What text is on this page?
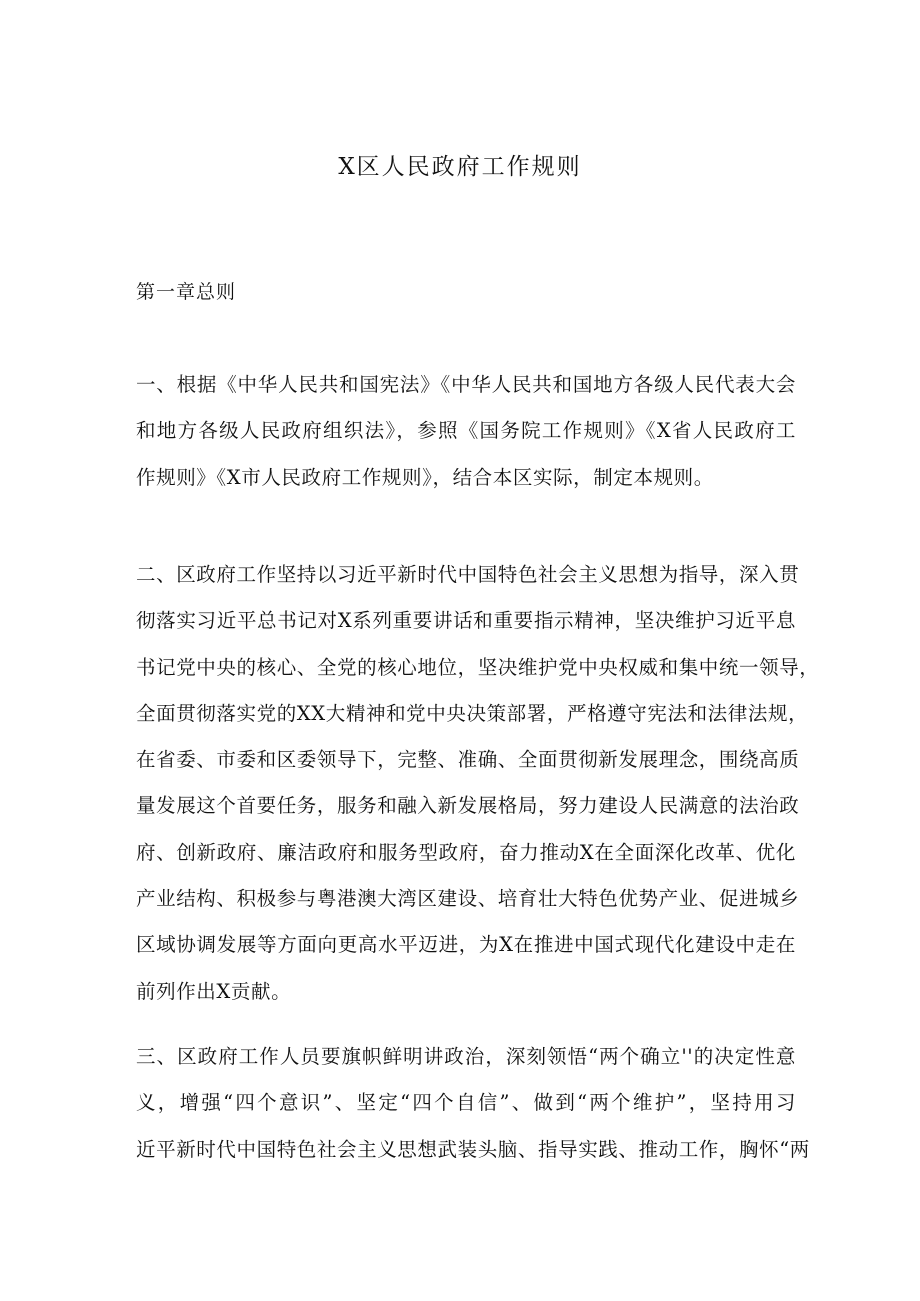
X区人民政府工作规则
第一章总则
一、根据《中华人民共和国宪法》《中华人民共和国地方各级人民代表大会
和地方各级人民政府组织法》，参照《国务院工作规则》《X省人民政府工
作规则》《X市人民政府工作规则》，结合本区实际，制定本规则。
二、区政府工作坚持以习近平新时代中国特色社会主义思想为指导，深入贯
彻落实习近平总书记对X系列重要讲话和重要指示精神，坚决维护习近平息
书记党中央的核心、全党的核心地位，坚决维护党中央权威和集中统一领导，
全面贯彻落实党的XX大精神和党中央决策部署，严格遵守宪法和法律法规，
在省委、市委和区委领导下，完整、准确、全面贯彻新发展理念，围绕高质
量发展这个首要任务，服务和融入新发展格局，努力建设人民满意的法治政
府、创新政府、廉洁政府和服务型政府，奋力推动X在全面深化改革、优化
产业结构、积极参与粤港澳大湾区建设、培育壮大特色优势产业、促进城乡
区域协调发展等方面向更高水平迈进，为X在推进中国式现代化建设中走在
前列作出X贡献。
三、区政府工作人员要旗帜鲜明讲政治，深刻领悟“两个确立''的决定性意
义，增强“四个意识”、坚定“四个自信”、做到“两个维护”，坚持用习
近平新时代中国特色社会主义思想武装头脑、指导实践、推动工作，胸怀“两
